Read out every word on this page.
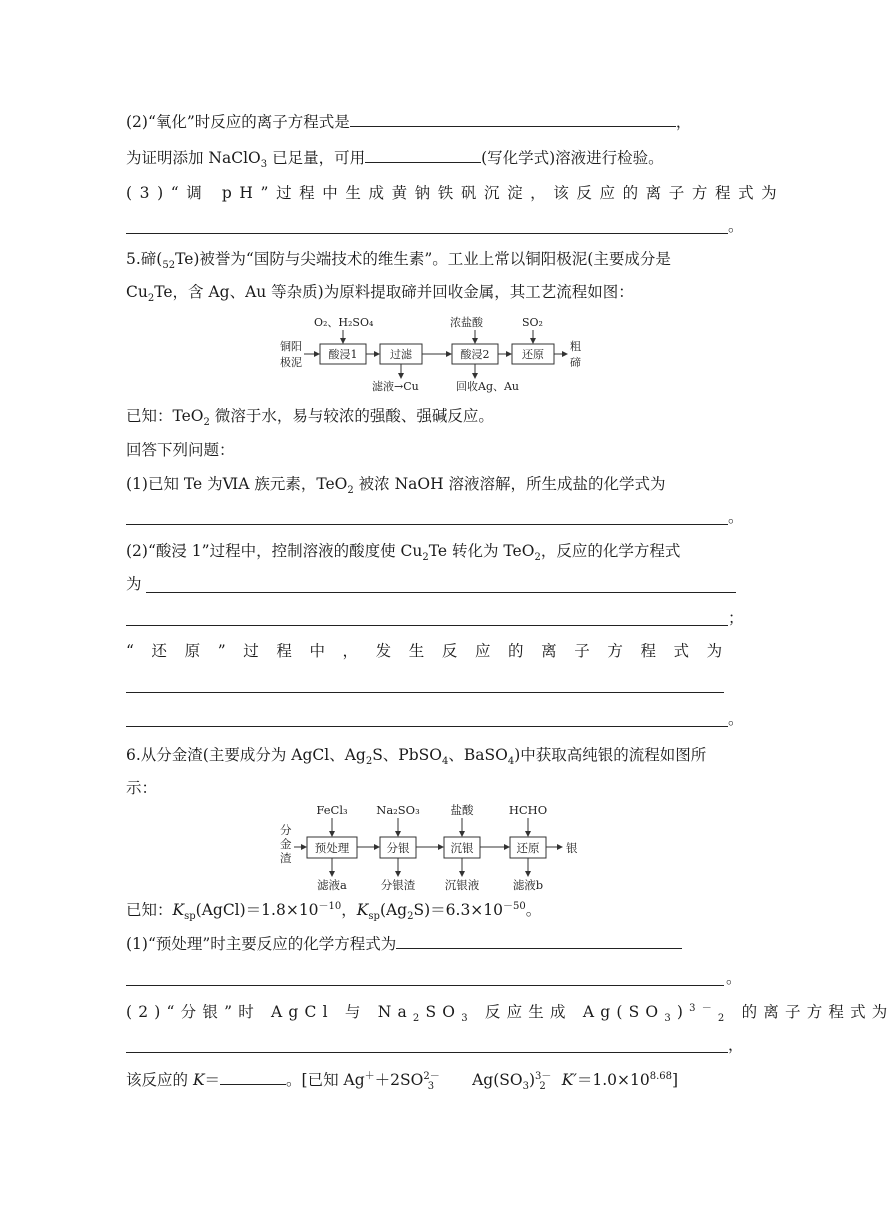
(2)“氧化”时反应的离子方程式是	，
为证明添加 NaClO$_3$ 已足量，可用	(写化学式)溶液进行检验。
(3)“调 pH”过程中生成黄钠铁矾沉淀，该反应的离子方程式为
。
5.碲$(_{52}Te)$被誉为“国防与尖端技术的维生素”。工业上常以铜阳极泥(主要成分是
$Cu_2Te$，含 Ag、Au 等杂质)为原料提取碲并回收金属，其工艺流程如图：
铜阳
极泥
O₂、H₂SO₄	浓盐酸	SO₂
滤液→Cu	回收Ag、Au
粗
碲
酸浸1	过滤	酸浸2	还原
已知：TeO$_2$ 微溶于水，易与较浓的强酸、强碱反应。
回答下列问题：
(1)已知 Te 为ⅥA 族元素，TeO$_2$ 被浓 NaOH 溶液溶解，所生成盐的化学式为
。
(2)“酸浸 1”过程中，控制溶液的酸度使 $Cu_2Te$ 转化为 TeO$_2$，反应的化学方程式
为
；
“还原”过程中，发生反应的离子方程式为
。
6.从分金渣(主要成分为 AgCl、$Ag_2S$、PbSO$_4$、BaSO$_4$)中获取高纯银的流程如图所
示：
分
金
渣
银
FeCl₃ Na₂SO₃	盐酸	HCHO
滤液a	分银渣	沉银液	滤液b
预处理	分银	沉银	还原
已知：$K_{sp}(AgCl)=1.8\times 10^{-10}$，$K_{sp}(Ag_2S)=6.3\times 10^{-50}$。
(1)“预处理”时主要反应的化学方程式为
。
(2)“分银”时 AgCl 与 $Na_2SO_3$ 反应生成 $Ag(SO_3)^{3-}_2$ 的离子方程式为
，
该反应的 K＝	。[已知 $Ag^++2SO^{2-}_3$ $Ag(SO_3)^{3-}_2$ $K'=1.0\times 10^{8.68}$]
